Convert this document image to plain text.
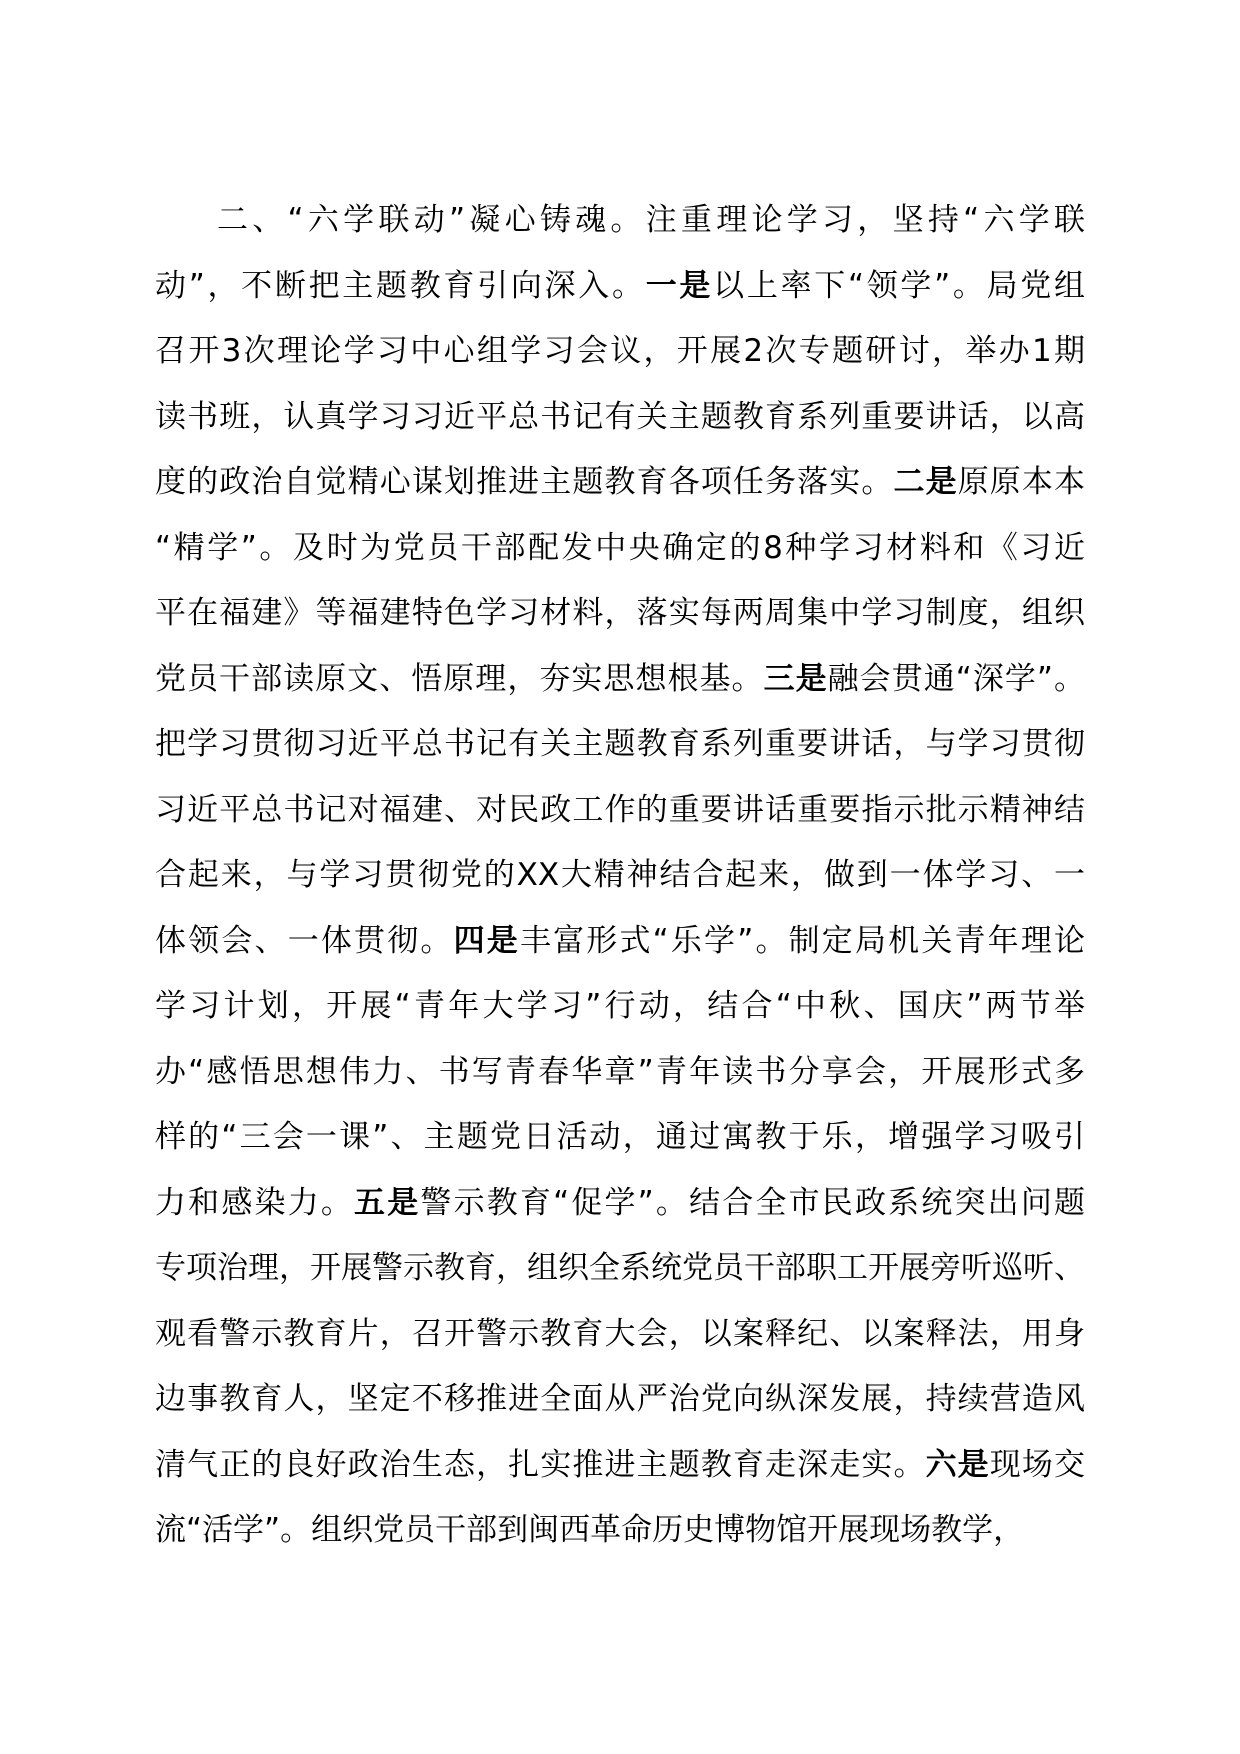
二、“六学联动”凝心铸魂。注重理论学习，坚持“六学联
动”，不断把主题教育引向深入。一是以上率下“领学”。局党组
召开3次理论学习中心组学习会议，开展2次专题研讨，举办1期
读书班，认真学习习近平总书记有关主题教育系列重要讲话，以高
度的政治自觉精心谋划推进主题教育各项任务落实。二是原原本本
“精学”。及时为党员干部配发中央确定的8种学习材料和《习近
平在福建》等福建特色学习材料，落实每两周集中学习制度，组织
党员干部读原文、悟原理，夯实思想根基。三是融会贯通“深学”。
把学习贯彻习近平总书记有关主题教育系列重要讲话，与学习贯彻
习近平总书记对福建、对民政工作的重要讲话重要指示批示精神结
合起来，与学习贯彻党的XX大精神结合起来，做到一体学习、一
体领会、一体贯彻。四是丰富形式“乐学”。制定局机关青年理论
学习计划，开展“青年大学习”行动，结合“中秋、国庆”两节举
办“感悟思想伟力、书写青春华章”青年读书分享会，开展形式多
样的“三会一课”、主题党日活动，通过寓教于乐，增强学习吸引
力和感染力。五是警示教育“促学”。结合全市民政系统突出问题
专项治理，开展警示教育，组织全系统党员干部职工开展旁听巡听、
观看警示教育片，召开警示教育大会，以案释纪、以案释法，用身
边事教育人，坚定不移推进全面从严治党向纵深发展，持续营造风
清气正的良好政治生态，扎实推进主题教育走深走实。六是现场交
流“活学”。组织党员干部到闽西革命历史博物馆开展现场教学，
